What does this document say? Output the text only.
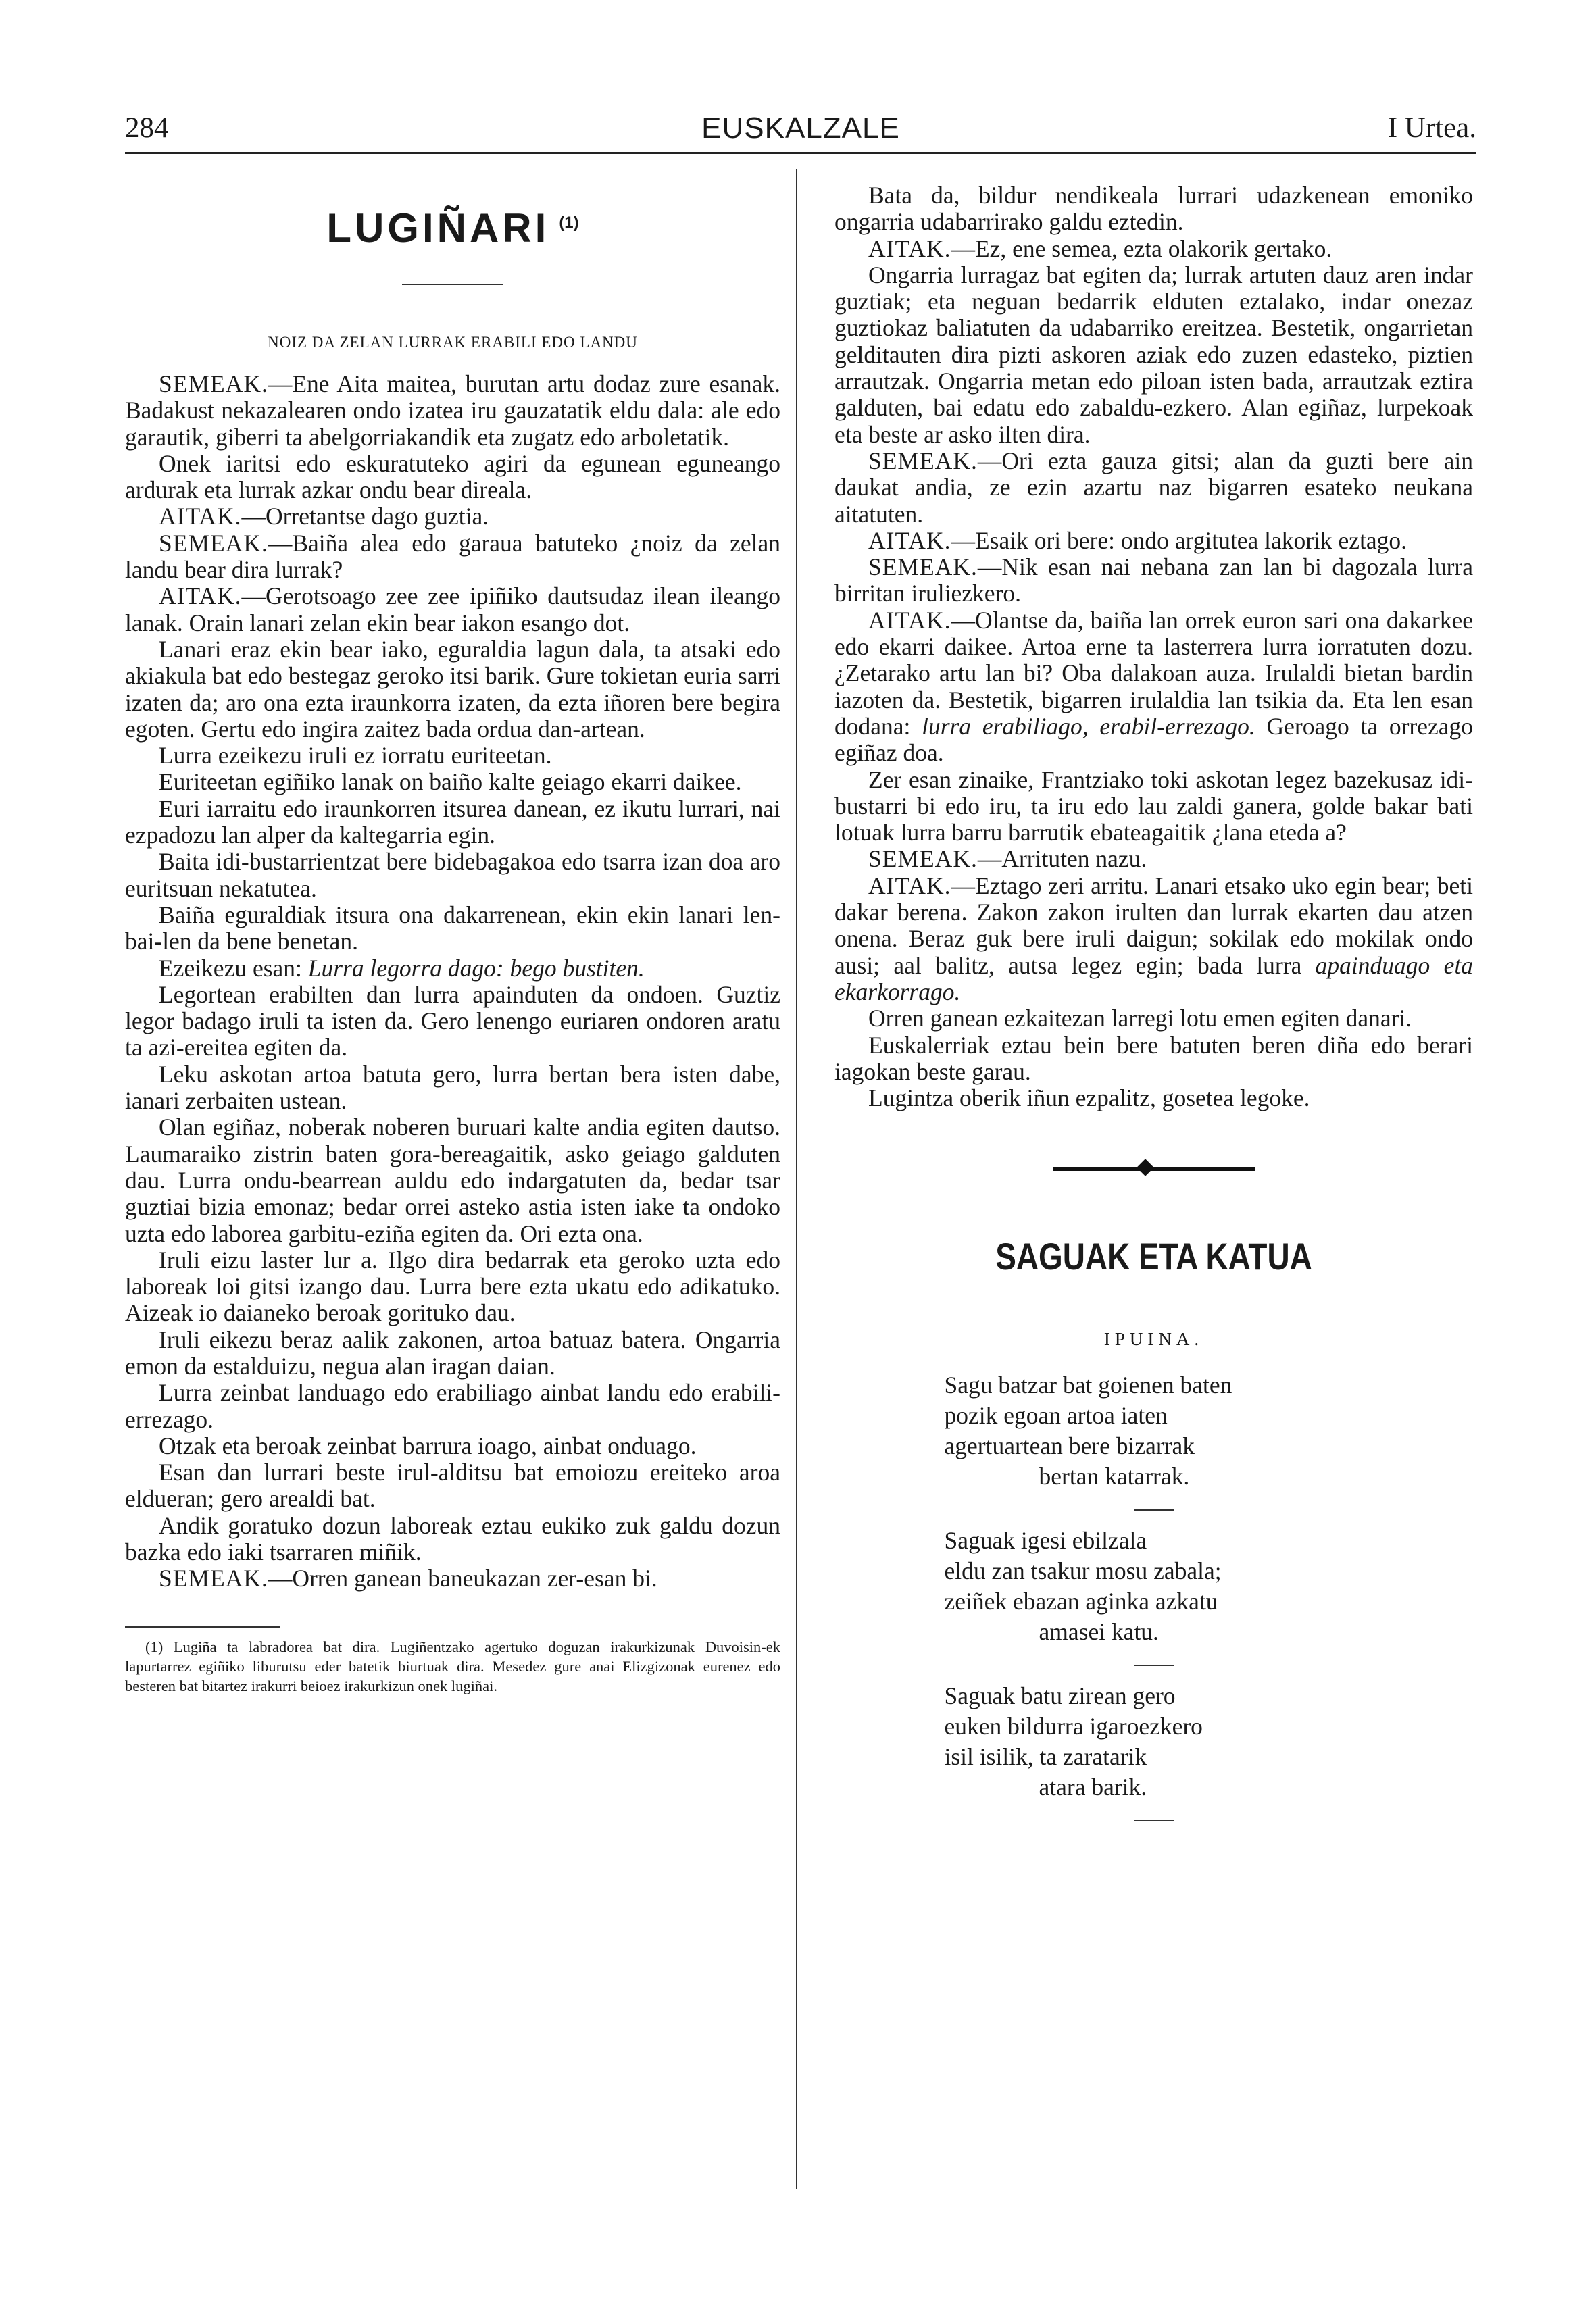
284	EUSKALZALE	I Urtea.
LUGIÑARI $^{(1)}$
NOIZ DA ZELAN LURRAK ERABILI EDO LANDU

SEMEAK.—Ene Aita maitea, burutan artu dodaz zure esanak. Badakust nekazalearen ondo izatea iru gauzatatik eldu dala: ale edo garautik, giberri ta abelgorriakandik eta zugatz edo arboletatik.

Onek iaritsi edo eskuratuteko agiri da egunean eguneango ardurak eta lurrak azkar ondu bear direala.

AITAK.—Orretantse dago guztia.

SEMEAK.—Baiña alea edo garaua batuteko ¿noiz da zelan landu bear dira lurrak?

AITAK.—Gerotsoago zee zee ipiñiko dautsudaz ilean ileango lanak. Orain lanari zelan ekin bear iakon esango dot.

Lanari eraz ekin bear iako, eguraldia lagun dala, ta atsaki edo akiakula bat edo bestegaz geroko itsi barik. Gure tokietan euria sarri izaten da; aro ona ezta iraunkorra izaten, da ezta iñoren bere begira egoten. Gertu edo ingira zaitez bada ordua dan-artean.

Lurra ezeikezu iruli ez iorratu euriteetan.

Euriteetan egiñiko lanak on baiño kalte geiago ekarri daikee.

Euri iarraitu edo iraunkorren itsurea danean, ez ikutu lurrari, nai ezpadozu lan alper da kaltegarria egin.

Baita idi-bustarrientzat bere bidebagakoa edo tsarra izan doa aro euritsuan nekatutea.

Baiña eguraldiak itsura ona dakarrenean, ekin ekin lanari len-bai-len da bene benetan.

Ezeikezu esan: Lurra legorra dago: bego bustiten.

Legortean erabilten dan lurra apainduten da ondoen. Guztiz legor badago iruli ta isten da. Gero lenengo euriaren ondoren aratu ta azi-ereitea egiten da.

Leku askotan artoa batuta gero, lurra bertan bera isten dabe, ianari zerbaiten ustean.

Olan egiñaz, noberak noberen buruari kalte andia egiten dautso. Laumaraiko zistrin baten gora-bereagaitik, asko geiago galduten dau. Lurra ondu-bearrean auldu edo indargatuten da, bedar tsar guztiai bizia emonaz; bedar orrei asteko astia isten iake ta ondoko uzta edo laborea garbitu-eziña egiten da. Ori ezta ona.

Iruli eizu laster lur a. Ilgo dira bedarrak eta geroko uzta edo laboreak loi gitsi izango dau. Lurra bere ezta ukatu edo adikatuko. Aizeak io daianeko beroak gorituko dau.

Iruli eikezu beraz aalik zakonen, artoa batuaz batera. Ongarria emon da estalduizu, negua alan iragan daian.

Lurra zeinbat landuago edo erabiliago ainbat landu edo erabili-errezago.

Otzak eta beroak zeinbat barrura ioago, ainbat onduago.

Esan dan lurrari beste irul-alditsu bat emoiozu ereiteko aroa eldueran; gero arealdi bat.

Andik goratuko dozun laboreak eztau eukiko zuk galdu dozun bazka edo iaki tsarraren miñik.

SEMEAK.—Orren ganean baneukazan zer-esan bi.

(1) Lugiña ta labradorea bat dira. Lugiñentzako agertuko doguzan irakurkizunak Duvoisin-ek lapurtarrez egiñiko liburutsu eder batetik biurtuak dira. Mesedez gure anai Elizgizonak eurenez edo besteren bat bitartez irakurri beioez irakurkizun onek lugiñai.

Bata da, bildur nendikeala lurrari udazkenean emoniko ongarria udabarrirako galdu eztedin.

AITAK.—Ez, ene semea, ezta olakorik gertako.

Ongarria lurragaz bat egiten da; lurrak artuten dauz aren indar guztiak; eta neguan bedarrik elduten eztalako, indar onezaz guztiokaz baliatuten da udabarriko ereitzea. Bestetik, ongarrietan gelditauten dira pizti askoren aziak edo zuzen edasteko, piztien arrautzak. Ongarria metan edo piloan isten bada, arrautzak eztira galduten, bai edatu edo zabaldu-ezkero. Alan egiñaz, lurpekoak eta beste ar asko ilten dira.

SEMEAK.—Ori ezta gauza gitsi; alan da guzti bere ain daukat andia, ze ezin azartu naz bigarren esateko neukana aitatuten.

AITAK.—Esaik ori bere: ondo argitutea lakorik eztago.

SEMEAK.—Nik esan nai nebana zan lan bi dagozala lurra birritan iruliezkero.

AITAK.—Olantse da, baiña lan orrek euron sari ona dakarkee edo ekarri daikee. Artoa erne ta lasterrera lurra iorratuten dozu. ¿Zetarako artu lan bi? Oba dalakoan auza. Irulaldi bietan bardin iazoten da. Bestetik, bigarren irulaldia lan tsikia da. Eta len esan dodana: lurra erabiliago, erabil-errezago. Geroago ta orrezago egiñaz doa.

Zer esan zinaike, Frantziako toki askotan legez bazekusaz idi-bustarri bi edo iru, ta iru edo lau zaldi ganera, golde bakar bati lotuak lurra barru barrutik ebateagaitik ¿lana eteda a?

SEMEAK.—Arrituten nazu.

AITAK.—Eztago zeri arritu. Lanari etsako uko egin bear; beti dakar berena. Zakon zakon irulten dan lurrak ekarten dau atzen onena. Beraz guk bere iruli daigun; sokilak edo mokilak ondo ausi; aal balitz, autsa legez egin; bada lurra apainduago eta ekarkorrago.

Orren ganean ezkaitezan larregi lotu emen egiten danari.

Euskalerriak eztau bein bere batuten beren diña edo berari iagokan beste garau.

Lugintza oberik iñun ezpalitz, gosetea legoke.

SAGUAK ETA KATUA
IPUINA.
Sagu batzar bat goienen baten
pozik egoan artoa iaten
agertuartean bere bizarrak
bertan katarrak.
Saguak igesi ebilzala
eldu zan tsakur mosu zabala;
zeiñek ebazan aginka azkatu
amasei katu.
Saguak batu zirean gero
euken bildurra igaroezkero
isil isilik, ta zaratarik
atara barik.
